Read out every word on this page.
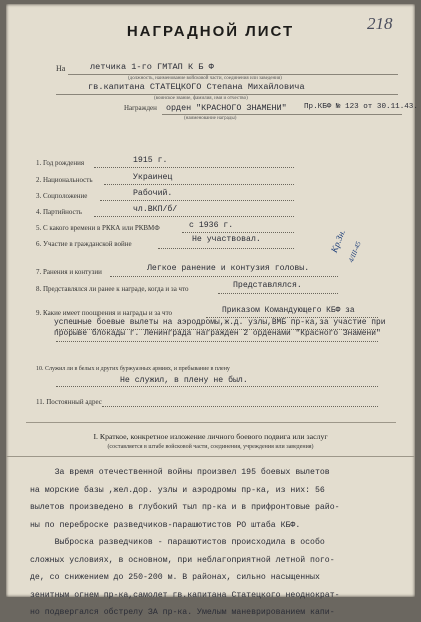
НАГРАДНОЙ ЛИСТ	218
На	летчика 1-го ГМТАП К Б Ф
(должность, наименование войсковой части, соединения или заведения)
гв.капитана СТАТЕЦКОГО Степана Михайловича
(воинское звание, фамилия, имя и отчество)
Награжден орден "КРАСНОГО ЗНАМЕНИ" Пр.КБФ № 123 от 30.11.43.
(наименование награды)
1. Год рождения	1915 г.
2. Национальность	Украинец
3. Соцположение	Рабочий.
4. Партийность	чл.ВКП/б/
5. С какого времени в РККА или РКВМФ	с 1936 г.
6. Участие в гражданской войне	Не участвовал.
7. Ранения и контузии	Легкое ранение и контузия головы.
8. Представлялся ли ранее к награде, когда и за что	Представлялся.
9. Какие имеет поощрения и награды и за что	Приказом Командующего КБФ за успешные боевые вылеты на аэродромы,ж.д. узлы,ВМБ пр-ка,за участие при прорыве блокады г. Ленинграда награжден 2 орденами "Красного Знамени"
10. Служил ли в белых и других буржуазных армиях, и пребывание в плену
Не служил, в плену не был.
11. Постоянный адрес
Кр.Зн. 4/III-45
I. Краткое, конкретное изложение личного боевого подвига или заслуг
(составляется в штабе войсковой части, соединения, учреждения или заведения)
За время отечественной войны произвел 195 боевых вылетов
на морские базы ,жел.дор. узлы и аэродромы пр-ка, из них: 56
вылетов произведено в глубокий тыл пр-ка и в прифронтовые райо-
ны по переброске разведчиков-парашютистов РО штаба КБФ.
Выброска разведчиков - парашютистов происходила в особо
сложных условиях, в основном, при неблагоприятной летной пого-
де, со снижением до 250-200 м. В районах, сильно насыщенных
зенитным огнем пр-ка,самолет гв.капитана Статецкого неоднократ-
но подвергался обстрелу ЗА пр-ка. Умелым маневрированием капи-
